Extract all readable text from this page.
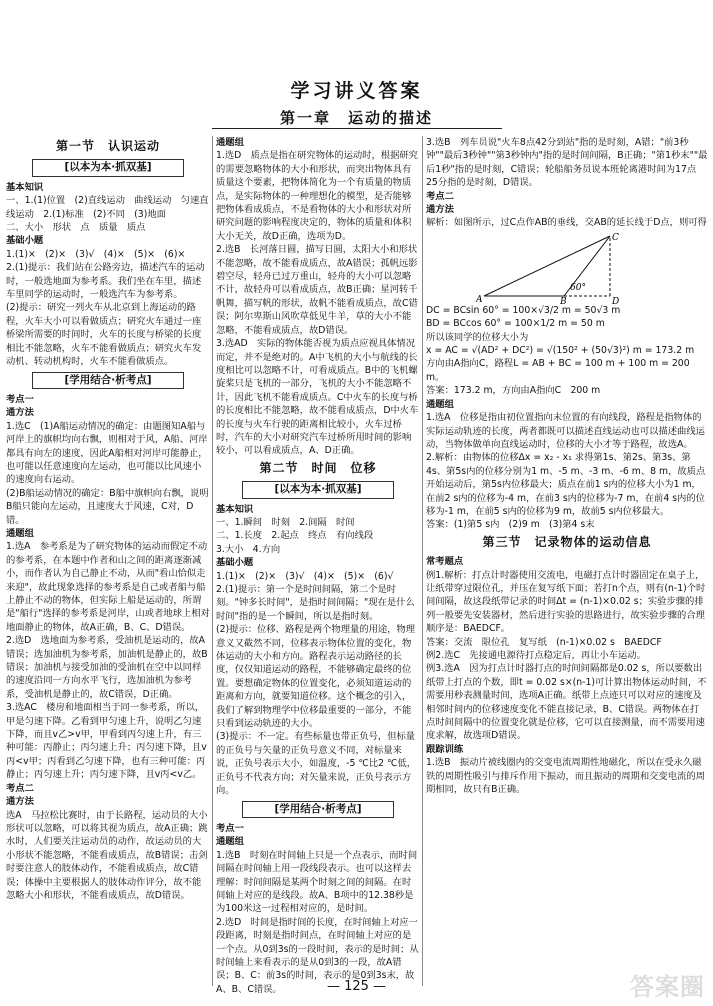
学习讲义答案
第一章　运动的描述
第一节　认识运动
[以本为本·抓双基]
基本知识
一、1.(1)位置　(2)直线运动　曲线运动　匀速直线运动　2.(1)标准　(2)不同　(3)地面
二、大小　形状　点　质量　质点
基础小题
1.(1)×　(2)×　(3)√　(4)×　(5)×　(6)×
2.(1)提示：我们站在公路旁边，描述汽车的运动时，一般选地面为参考系。我们坐在车里，描述车里同学的运动时，一般选汽车为参考系。
(2)提示：研究一列火车从北京到上海运动的路程，火车大小可以看做质点；研究火车通过一座桥梁所需要的时间时，火车的长度与桥梁的长度相比不能忽略，火车不能看做质点；研究火车发动机、转动机构时，火车不能看做质点。
[学用结合·析考点]
考点一
通方法
1.选C　(1)A船运动情况的确定：由题图知A船与河岸上的旗帜均向右飘，则相对于风，A船、河岸都具有向左的速度，因此A船相对河岸可能静止，也可能以任意速度向左运动，也可能以比风速小的速度向右运动。
(2)B船运动情况的确定：B船中旗帜向右飘，说明B船只能向左运动，且速度大于风速，C对，D错。
通题组
1.选A　参考系是为了研究物体的运动而假定不动的参考系，在本题中作者和山之间的距离逐渐减小，而作者认为自己静止不动，从而"看山恰似走来迎"，故此现象选择的参考系是自己或者船与船上静止不动的物体，但实际上船是运动的，所谓是"船行"选择的参考系是河岸，山或者地球上相对地面静止的物体，故A正确，B、C、D错误。
2.选D　选地面为参考系，受油机是运动的，故A错误；选加油机为参考系，加油机是静止的，故B错误；加油机与接受加油的受油机在空中以同样的速度沿同一方向水平飞行，选加油机为参考系，受油机是静止的，故C错误，D正确。
3.选AC　楼房和地面相当于同一参考系，所以，甲是匀速下降。乙看到甲匀速上升，说明乙匀速下降，而且v乙>v甲，甲看到丙匀速上升，有三种可能：丙静止；丙匀速上升；丙匀速下降，且v丙<v甲；丙看到乙匀速下降，也有三种可能：丙静止；丙匀速上升；丙匀速下降，且v丙<v乙。
考点二
通方法
选A　马拉松比赛时，由于长路程，运动员的大小形状可以忽略，可以将其视为质点，故A正确；跳水时，人们要关注运动员的动作，故运动员的大小形状不能忽略，不能看成质点，故B错误；击剑时要注意人的肢体动作，不能看成质点，故C错误；体操中主要根据人的肢体动作评分，故不能忽略大小和形状，不能看成质点，故D错误。
通题组
1.选D　质点是指在研究物体的运动时，根据研究的需要忽略物体的大小和形状，而突出物体具有质量这个要素，把物体简化为一个有质量的物质点，是实际物体的一种理想化的模型，是否能够把物体看成质点，不是看物体的大小和形状对所研究问题的影响程度决定的，物体的质量和体积大小无关，故D正确，选项为D。
2.选B　长河落日圆，描写日圆，太阳大小和形状不能忽略，故不能看成质点，故A错误；孤帆远影碧空尽，轻舟已过万重山，轻舟的大小可以忽略不计，故轻舟可以看成质点，故B正确；星河转千帆舞，描写帆的形状，故帆不能看成质点，故C错误；阿尔卑斯山风吹草低见牛羊，草的大小不能忽略，不能看成质点，故D错误。
3.选AD　实际的物体能否视为质点应视具体情况而定，并不是绝对的。A中飞机的大小与航线的长度相比可以忽略不计，可看成质点。B中的飞机螺旋桨只是飞机的一部分，飞机的大小不能忽略不计，因此飞机不能看成质点。C中火车的长度与桥的长度相比不能忽略，故不能看成质点，D中火车的长度与火车行驶的距离相比较小，火车过桥时，汽车的大小对研究汽车过桥所用时间的影响较小，可以看成质点，A、D正确。
第二节　时间　位移
[以本为本·抓双基]
基本知识
一、1.瞬间　时刻　2.间隔　时间
二、1.长度　2.起点　终点　有向线段
3.大小　4.方向
基础小题
1.(1)×　(2)×　(3)√　(4)×　(5)×　(6)√
2.(1)提示：第一个是时间间隔，第二个是时刻。"钟多长时间"，是指时间间隔；"现在是什么时间"指的是一个瞬间，所以是指时刻。
(2)提示：位移、路程是两个物理量的用途，物理意义又截然不同，位移表示物体位置的变化，物体运动的大小和方向。路程表示运动路径的长度，仅仅知道运动的路程，不能够确定最终的位置。要想确定物体的位置变化，必须知道运动的距离和方向，就要知道位移。这个概念的引入，我们了解到物理学中位移最重要的一部分，不能只看到运动轨迹的大小。
(3)提示：不一定。有些标量也带正负号，但标量的正负号与矢量的正负号意义不同，对标量来说，正负号表示大小，如温度，-5 ℃比2 ℃低，正负号不代表方向；对矢量来说，正负号表示方向。
[学用结合·析考点]
考点一
通题组
1.选B　时刻在时间轴上只是一个点表示，而时间间隔在时间轴上用一段线段表示。也可以这样去理解：时间间隔是某两个时刻之间的间隔。在时间轴上对应的是线段。故A、B项中的12.38秒是为100米这一过程相对应的，是时间。
2.选D　时间是指时间的长度，在时间轴上对应一段距离，时刻是指时间点，在时间轴上对应的是一个点。从0到3s的一段时间，表示的是时间；从时间轴上来看表示的是从0到3的一段，故A错误；B、C：前3s的时间，表示的是0到3s末，故A、B、C错误。
3.选B　列车员说"火车8点42分到站"指的是时刻，A错；"前3秒钟""最后3秒钟""第3秒钟内"指的是时间间隔，B正确；"第1秒末""最后1秒"指的是时刻，C错误；轮船船务员说本班轮离港时间为17点25分指的是时刻，D错误。
考点二
通方法
解析：如图所示，过C点作AB的垂线，交AB的延长线于D点，则可得
A	B	D
C
60°
DC = BCsin 60° = 100×√3/2 m = 50√3 m
BD = BCcos 60° = 100×1/2 m = 50 m
所以该同学的位移大小为
x = AC = √(AD² + DC²) = √(150² + (50√3)²) m = 173.2 m
方向由A指向C，路程L = AB + BC = 100 m + 100 m = 200 m。
答案：173.2 m，方向由A指向C　200 m
通题组
1.选A　位移是指由初位置指向末位置的有向线段，路程是指物体的实际运动轨迹的长度，两者都既可以描述直线运动也可以描述曲线运动，当物体做单向直线运动时，位移的大小才等于路程，故选A。
2.解析：由物体的位移Δx = x₂ - x₁ 求得第1s、第2s、第3s、第4s、第5s内的位移分别为1 m、-5 m、-3 m、-6 m、8 m，故质点开始运动后，第5s内位移最大；质点在前1 s内的位移大小为1 m，在前2 s内的位移为-4 m，在前3 s内的位移为-7 m，在前4 s内的位移为-1 m，在前5 s内的位移为9 m，故前5 s内位移最大。
答案：(1)第5 s内　(2)9 m　(3)第4 s末
第三节　记录物体的运动信息
常考题点
例1.解析：打点计时器使用交流电，电磁打点计时器固定在桌子上，让纸带穿过限位孔，并压在复写纸下面；若打n个点，则有(n-1)个时间间隔，故这段纸带记录的时间Δt = (n-1)×0.02 s；实验步骤的排列一般要先安装器材，然后进行实验的思路进行，故实验步骤的合理顺序是：BAEDCF。
答案：交流　限位孔　复写纸　(n-1)×0.02 s　BAEDCF
例2.选C　先接通电源待打点稳定后，再让小车运动。
例3.选A　因为打点计时器打点的时间间隔都是0.02 s，所以要数出纸带上打点的个数，即t = 0.02 s×(n-1)可计算出物体运动时间，不需要用秒表测量时间，选项A正确。纸带上点迹只可以对应的速度及相邻时间内的位移速度变化不能直接记录，B、C错误。两物体在打点时间间隔中的位置变化就是位移，它可以直接测量，而不需要用速度求解，故选项D错误。
跟踪训练
1.选B　振动片被线圈内的交变电流周期性地磁化，所以在受永久磁铁的周期性吸引与排斥作用下振动，而且振动的周期和交变电流的周期相同，故只有B正确。
— 125 —	答案圈
